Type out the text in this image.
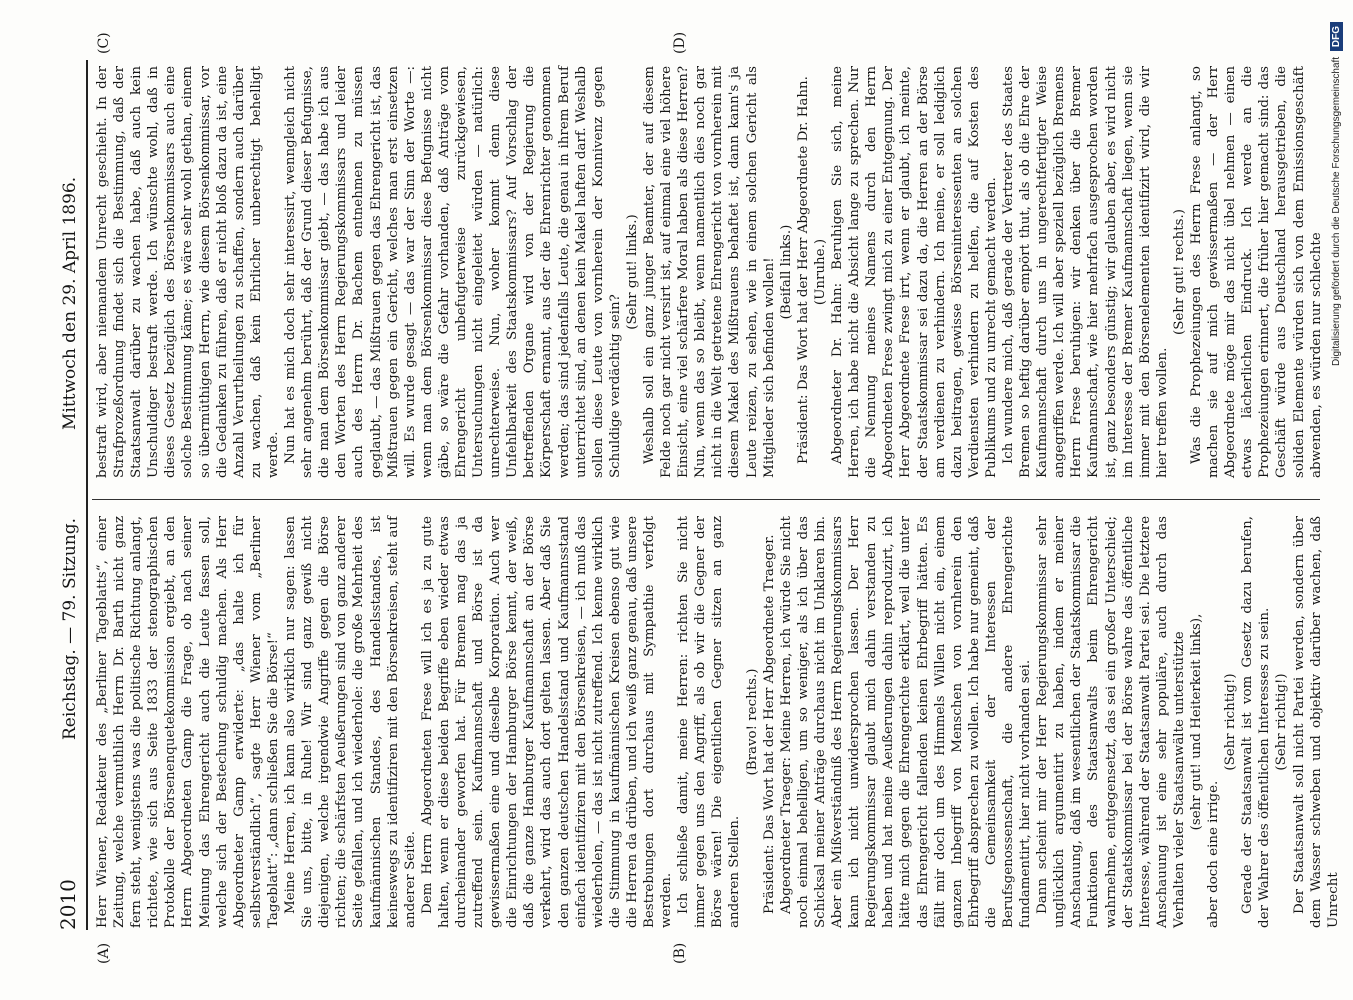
2010
Reichstag. — 79. Sitzung.
Mittwoch den 29. April 1896.
(A)	(B)
(C)	(D)

Herr Wiener, Redakteur des „Berliner Tageblatts“, einer Zeitung, welche vermuthlich Herrn Dr. Barth nicht ganz fern steht, wenigstens was die politische Richtung anlangt, richtete, wie sich aus Seite 1833 der stenographischen Protokolle der Börsenenquetekommission ergiebt, an den Herrn Abgeordneten Gamp die Frage, ob nach seiner Meinung das Ehrengericht auch die Leute fassen soll, welche sich der Bestechung schuldig machen. Als Herr Abgeordneter Gamp erwiderte: „das halte ich für selbstverständlich“, sagte Herr Wiener vom „Berliner Tageblatt“: „dann schließen Sie die Börse!“ Meine Herren, ich kann also wirklich nur sagen: lassen Sie uns, bitte, in Ruhe! Wir sind ganz gewiß nicht diejenigen, welche irgendwie Angriffe gegen die Börse richten; die schärfsten Aeußerungen sind von ganz anderer Seite gefallen, und ich wiederhole: die große Mehrheit des kaufmännischen Standes, des Handelsstandes, ist keineswegs zu identifiziren mit den Börsenkreisen, steht auf anderer Seite. Dem Herrn Abgeordneten Frese will ich es ja zu gute halten, wenn er diese beiden Begriffe eben wieder etwas durcheinander geworfen hat. Für Bremen mag das ja zutreffend sein. Kaufmannschaft und Börse ist da gewissermaßen eine und dieselbe Korporation. Auch wer die Einrichtungen der Hamburger Börse kennt, der weiß, daß die ganze Hamburger Kaufmannschaft an der Börse verkehrt, wird das auch dort gelten lassen. Aber daß Sie den ganzen deutschen Handelsstand und Kaufmannsstand einfach identifiziren mit den Börsenkreisen, — ich muß das wiederholen, — das ist nicht zutreffend. Ich kenne wirklich die Stimmung in kaufmännischen Kreisen ebenso gut wie die Herren da drüben, und ich weiß ganz genau, daß unsere Bestrebungen dort durchaus mit Sympathie verfolgt werden. Ich schließe damit, meine Herren: richten Sie nicht immer gegen uns den Angriff, als ob wir die Gegner der Börse wären! Die eigentlichen Gegner sitzen an ganz anderen Stellen.

(Bravo! rechts.) Präsident: Das Wort hat der Herr Abgeordnete Traeger. Abgeordneter Traeger: Meine Herren, ich würde Sie nicht noch einmal behelligen, um so weniger, als ich über das Schicksal meiner Anträge durchaus nicht im Unklaren bin. Aber ein Mißverständniß des Herrn Regierungskommissars kann ich nicht unwidersprochen lassen. Der Herr Regierungskommissar glaubt mich dahin verstanden zu haben und hat meine Aeußerungen dahin reproduzirt, ich hätte mich gegen die Ehrengerichte erklärt, weil die unter das Ehrengericht fallenden keinen Ehrbegriff hätten. Es fällt mir doch um des Himmels Willen nicht ein, einem ganzen Inbegriff von Menschen von vornherein den Ehrbegriff absprechen zu wollen. Ich habe nur gemeint, daß die Gemeinsamkeit der Interessen der Berufsgenossenschaft, die andere Ehrengerichte fundamentirt, hier nicht vorhanden sei. Dann scheint mir der Herr Regierungskommissar sehr unglücklich argumentirt zu haben, indem er meiner Anschauung, daß im wesentlichen der Staatskommissar die Funktionen des Staatsanwalts beim Ehrengericht wahrnehme, entgegensetzt, das sei ein großer Unterschied; der Staatskommissar bei der Börse wahre das öffentliche Interesse, während der Staatsanwalt Partei sei. Die letztere Anschauung ist eine sehr populäre, auch durch das Verhalten vieler Staatsanwälte unterstützte (sehr gut! und Heiterkeit links),

aber doch eine irrige.

(Sehr richtig!) Gerade der Staatsanwalt ist vom Gesetz dazu berufen, der Wahrer des öffentlichen Interesses zu sein. (Sehr richtig!) Der Staatsanwalt soll nicht Partei werden, sondern über dem Wasser schweben und objektiv darüber wachen, daß Unrecht

bestraft wird, aber niemandem Unrecht geschieht. In der Strafprozeßordnung findet sich die Bestimmung, daß der Staatsanwalt darüber zu wachen habe, daß auch kein Unschuldiger bestraft werde. Ich wünschte wohl, daß in dieses Gesetz bezüglich des Börsenkommissars auch eine solche Bestimmung käme; es wäre sehr wohl gethan, einem so übermüthigen Herrn, wie diesem Börsenkommissar, vor die Gedanken zu führen, daß er nicht bloß dazu da ist, eine Anzahl Verurtheilungen zu schaffen, sondern auch darüber zu wachen, daß kein Ehrlicher unberechtigt behelligt werde. Nun hat es mich doch sehr interessirt, wenngleich nicht sehr angenehm berührt, daß der Grund dieser Befugnisse, die man dem Börsenkommissar giebt, — das habe ich aus den Worten des Herrn Regierungskommissars und leider auch des Herrn Dr. Bachem entnehmen zu müssen geglaubt, — das Mißtrauen gegen das Ehrengericht ist, das Mißtrauen gegen ein Gericht, welches man erst einsetzen will. Es wurde gesagt — das war der Sinn der Worte —: wenn man dem Börsenkommissar diese Befugnisse nicht gäbe, so wäre die Gefahr vorhanden, daß Anträge vom Ehrengericht unbefugterweise zurückgewiesen, Untersuchungen nicht eingeleitet würden — natürlich: unrechterweise. Nun, woher kommt denn diese Unfehlbarkeit des Staatskommissars? Auf Vorschlag der betreffenden Organe wird von der Regierung die Körperschaft ernannt, aus der die Ehrenrichter genommen werden; das sind jedenfalls Leute, die genau in ihrem Beruf unterrichtet sind, an denen kein Makel haften darf. Weshalb sollen diese Leute von vornherein der Konnivenz gegen Schuldige verdächtig sein?

(Sehr gut! links.) Weshalb soll ein ganz junger Beamter, der auf diesem Felde noch gar nicht versirt ist, auf einmal eine viel höhere Einsicht, eine viel schärfere Moral haben als diese Herren? Nun, wenn das so bleibt, wenn namentlich dies noch gar nicht in die Welt getretene Ehrengericht von vornherein mit diesem Makel des Mißtrauens behaftet ist, dann kann's ja Leute reizen, zu sehen, wie in einem solchen Gericht als Mitglieder sich befinden wollen! (Beifall links.) Präsident: Das Wort hat der Herr Abgeordnete Dr. Hahn. (Unruhe.) Abgeordneter Dr. Hahn: Beruhigen Sie sich, meine Herren, ich habe nicht die Absicht lange zu sprechen. Nur die Nennung meines Namens durch den Herrn Abgeordneten Frese zwingt mich zu einer Entgegnung. Der Herr Abgeordnete Frese irrt, wenn er glaubt, ich meinte, der Staatskommissar sei dazu da, die Herren an der Börse am verdienen zu verhindern. Ich meine, er soll lediglich dazu beitragen, gewisse Börseninteressenten an solchen Verdiensten verhindern zu helfen, die auf Kosten des Publikums und zu unrecht gemacht werden. Ich wundere mich, daß gerade der Vertreter des Staates Bremen so heftig darüber empört thut, als ob die Ehre der Kaufmannschaft durch uns in ungerechtfertigter Weise angegriffen werde. Ich will aber speziell bezüglich Bremens Herrn Frese beruhigen: wir denken über die Bremer Kaufmannschaft, wie hier mehrfach ausgesprochen worden ist, ganz besonders günstig; wir glauben aber, es wird nicht im Interesse der Bremer Kaufmannschaft liegen, wenn sie immer mit den Börsenelementen identifizirt wird, die wir hier treffen wollen.

(Sehr gut! rechts.) Was die Prophezeiungen des Herrn Frese anlangt, so machen sie auf mich gewissermaßen — der Herr Abgeordnete möge mir das nicht übel nehmen — einen etwas lächerlichen Eindruck. Ich werde an die Prophezeiungen erinnert, die früher hier gemacht sind: das Geschäft würde aus Deutschland herausgetrieben, die soliden Elemente würden sich von dem Emissionsgeschäft abwenden, es würden nur schlechte Digitalisierung gefördert durch die Deutsche Forschungsgemeinschaft DFG
